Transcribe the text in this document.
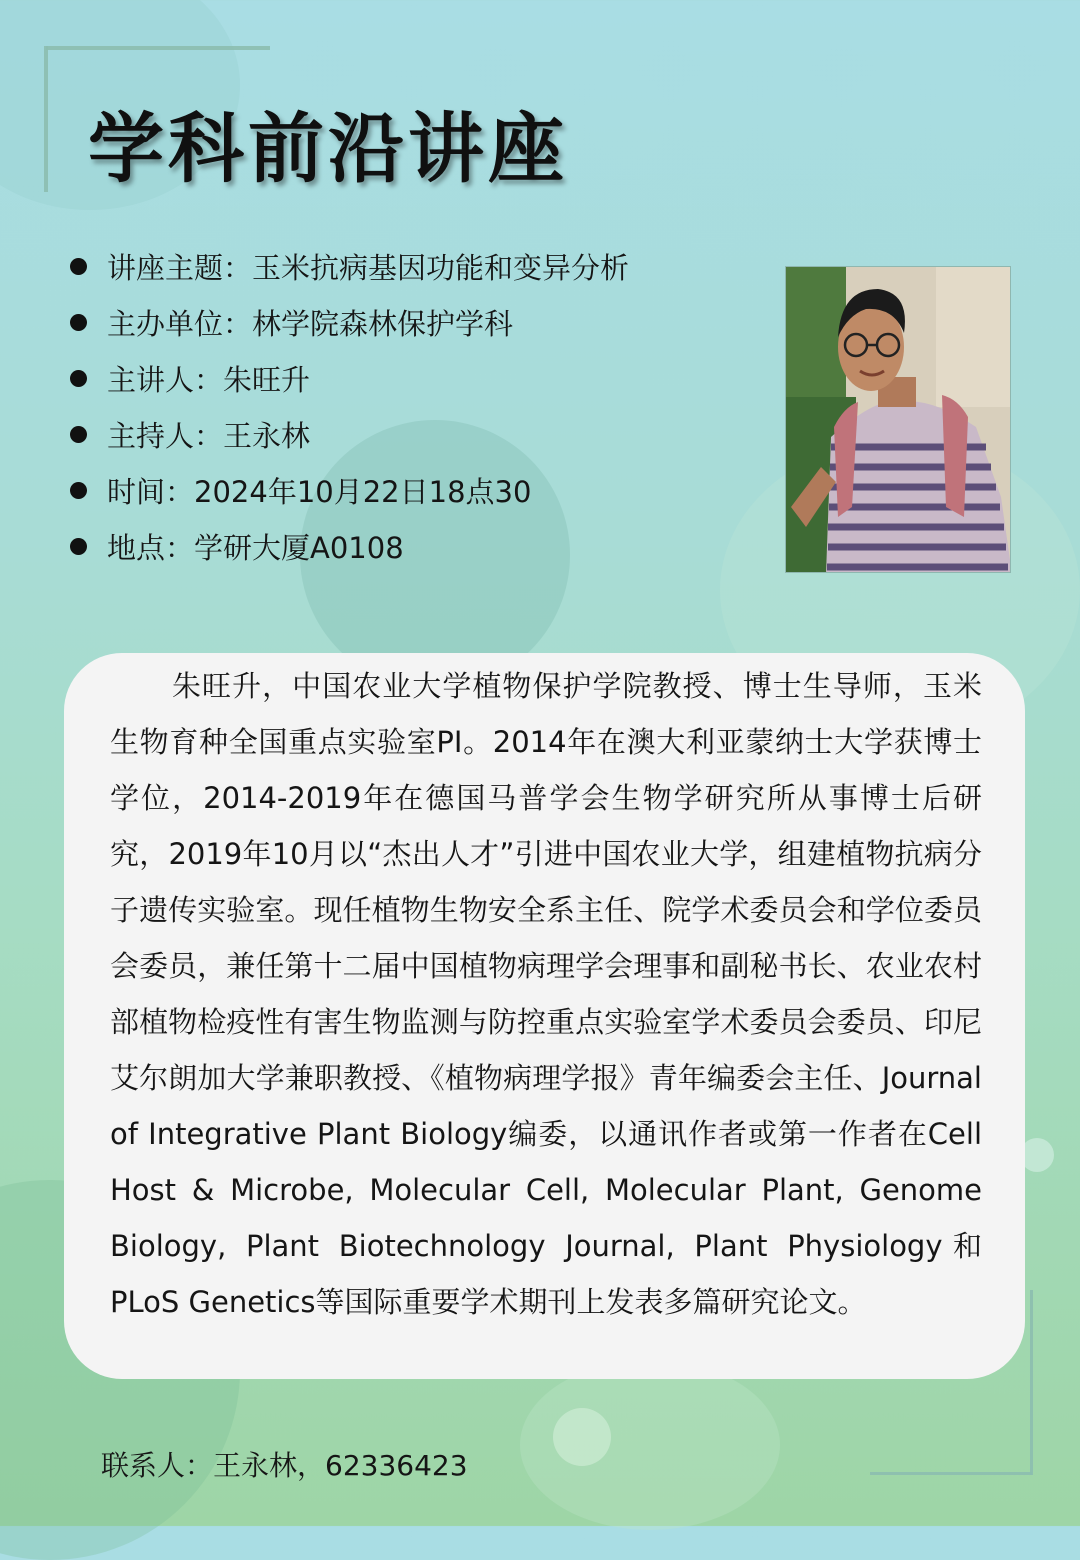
学科前沿讲座
讲座主题： 玉米抗病基因功能和变异分析
主办单位： 林学院森林保护学科
主讲人： 朱旺升
主持人： 王永林
时间： 2024年10月22日18点30
地点： 学研大厦A0108

朱旺升，中国农业大学植物保护学院教授、博士生导师，玉米生物育种全国重点实验室PI。2014年在澳大利亚蒙纳士大学获博士学位，2014-2019年在德国马普学会生物学研究所从事博士后研究，2019年10月以“杰出人才”引进中国农业大学，组建植物抗病分子遗传实验室。现任植物生物安全系主任、院学术委员会和学位委员会委员，兼任第十二届中国植物病理学会理事和副秘书长、农业农村部植物检疫性有害生物监测与防控重点实验室学术委员会委员、印尼艾尔朗加大学兼职教授、《植物病理学报》青年编委会主任、Journal of Integrative Plant Biology编委，以通讯作者或第一作者在Cell Host & Microbe, Molecular Cell, Molecular Plant, Genome Biology, Plant Biotechnology Journal, Plant Physiology和PLoS Genetics等国际重要学术期刊上发表多篇研究论文。

联系人：王永林，62336423
